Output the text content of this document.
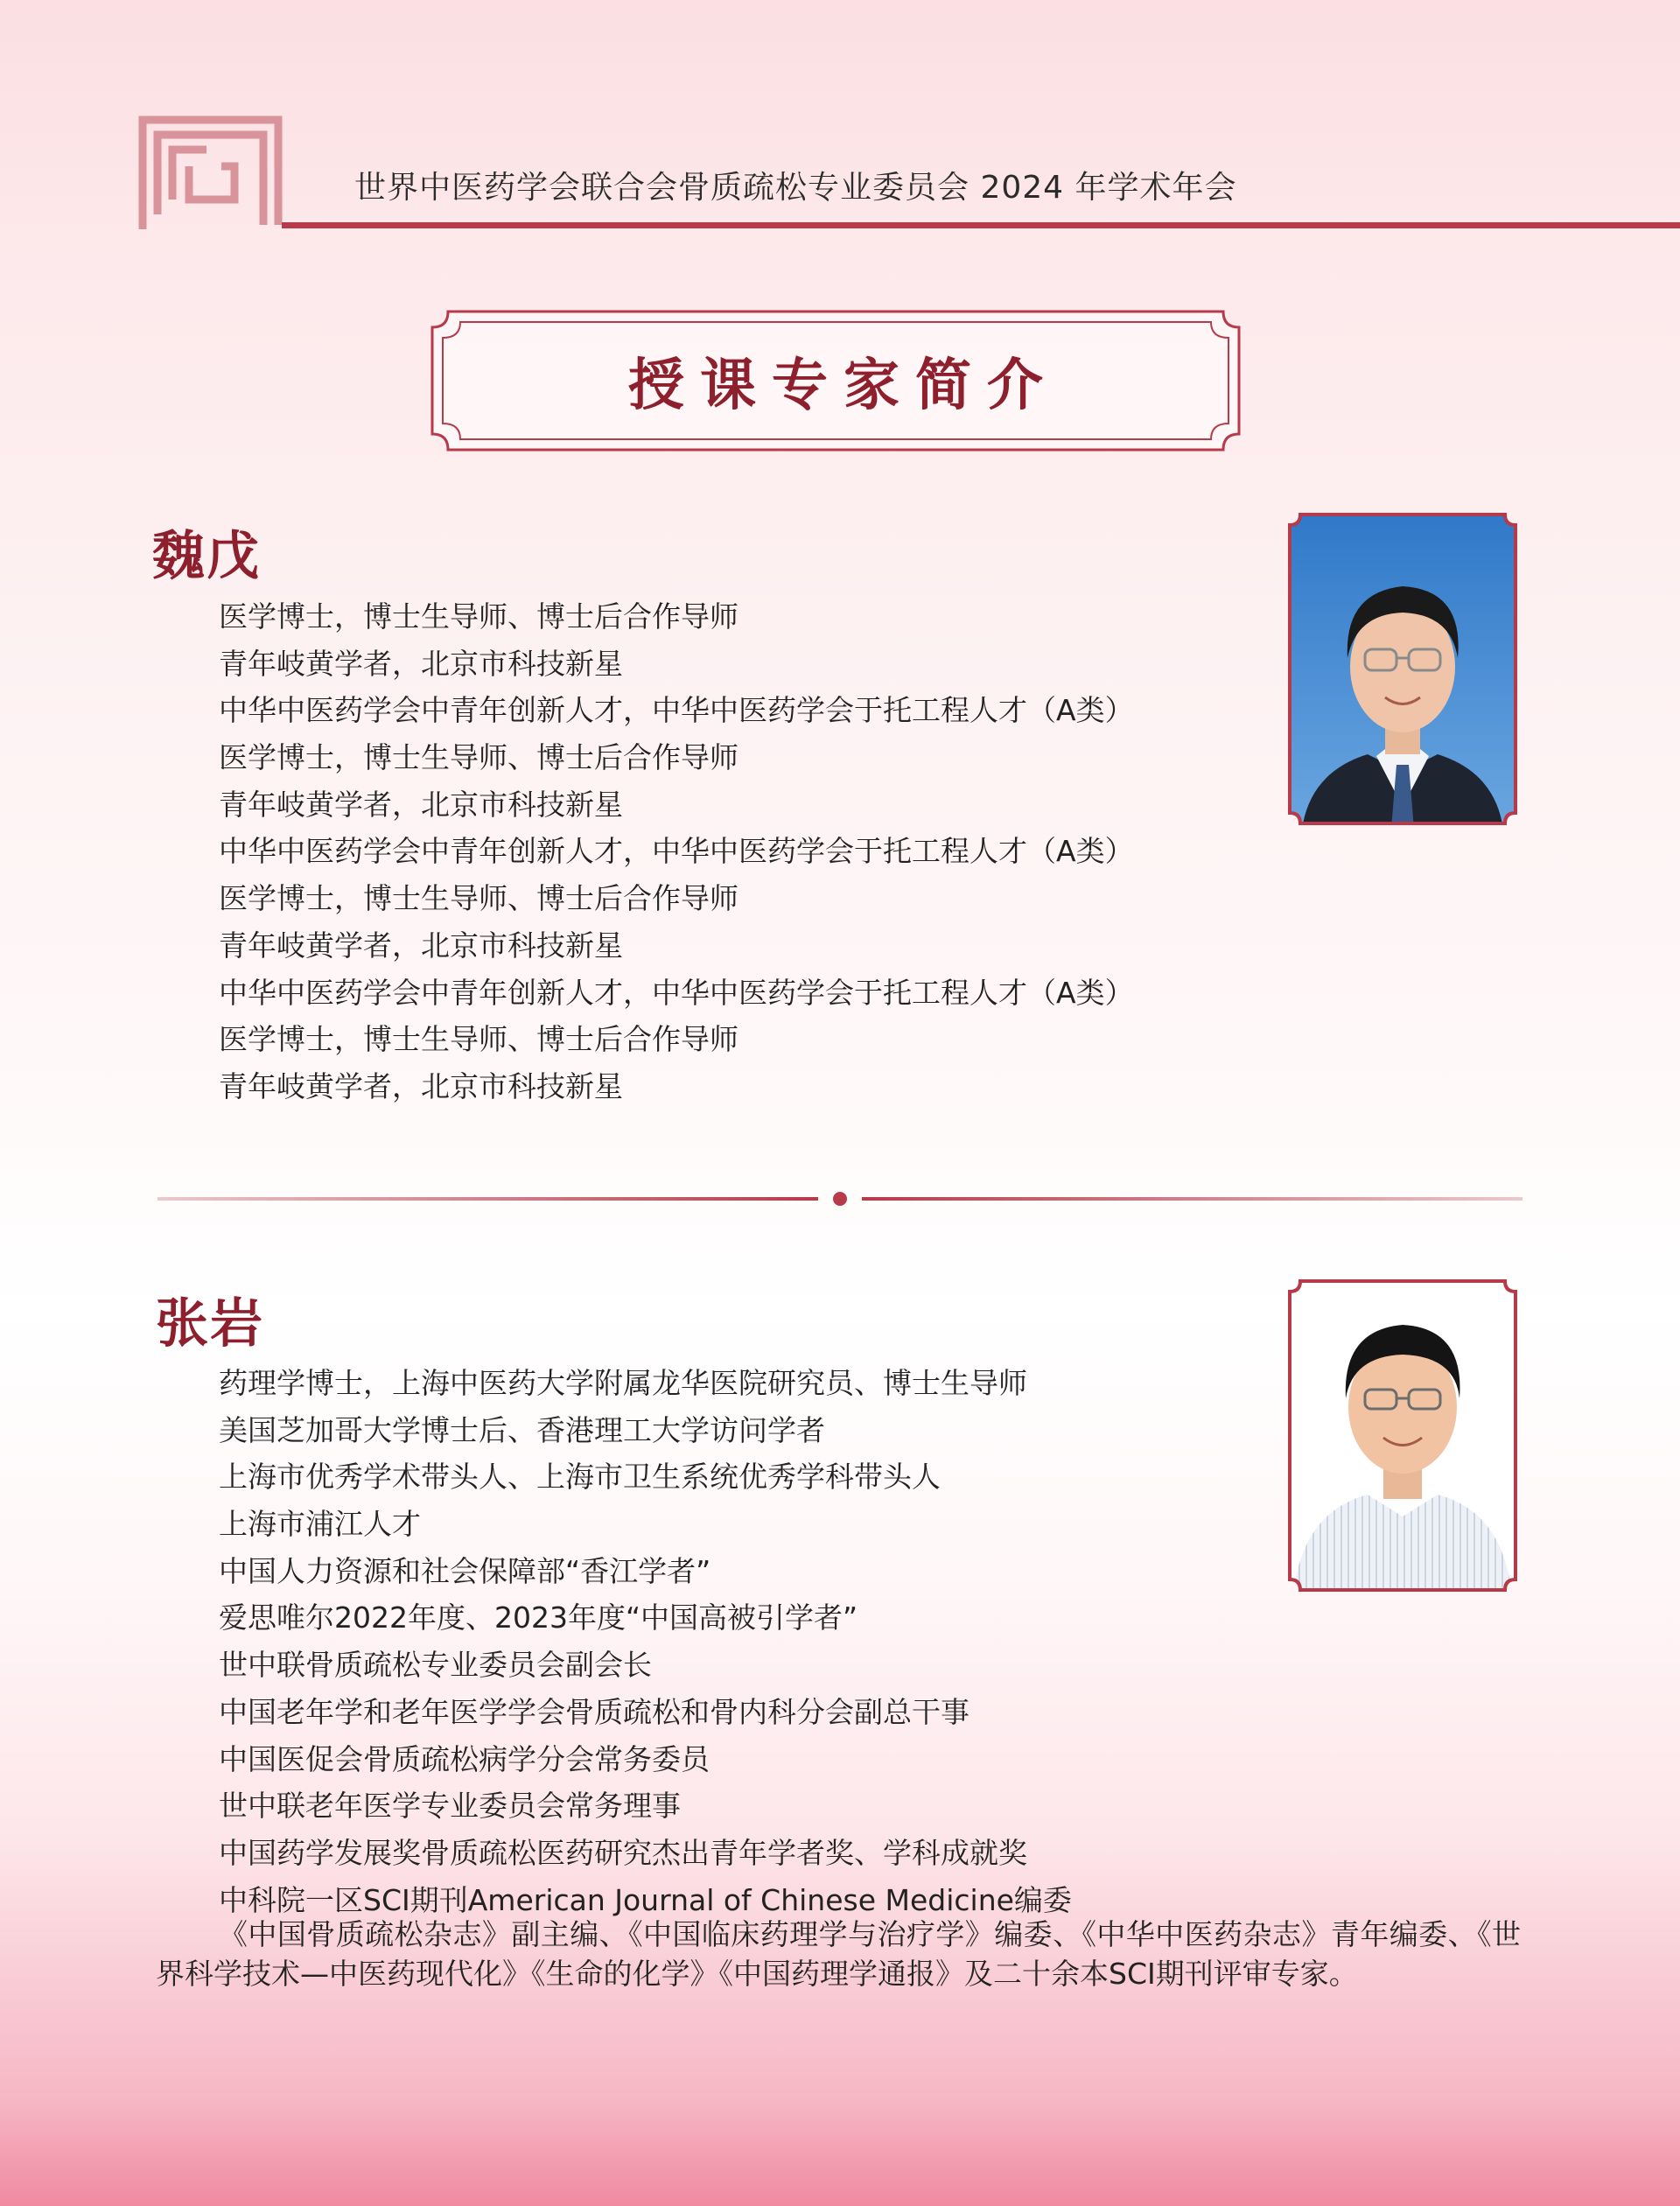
世界中医药学会联合会骨质疏松专业委员会 2024 年学术年会
授课专家简介
魏戊
医学博士，博士生导师、博士后合作导师
青年岐黄学者，北京市科技新星
中华中医药学会中青年创新人才，中华中医药学会于托工程人才（A类）
医学博士，博士生导师、博士后合作导师
青年岐黄学者，北京市科技新星
中华中医药学会中青年创新人才，中华中医药学会于托工程人才（A类）
医学博士，博士生导师、博士后合作导师
青年岐黄学者，北京市科技新星
中华中医药学会中青年创新人才，中华中医药学会于托工程人才（A类）
医学博士，博士生导师、博士后合作导师
青年岐黄学者，北京市科技新星
张岩
药理学博士，上海中医药大学附属龙华医院研究员、博士生导师
美国芝加哥大学博士后、香港理工大学访问学者
上海市优秀学术带头人、上海市卫生系统优秀学科带头人
上海市浦江人才
中国人力资源和社会保障部“香江学者”
爱思唯尔2022年度、2023年度“中国高被引学者”
世中联骨质疏松专业委员会副会长
中国老年学和老年医学学会骨质疏松和骨内科分会副总干事
中国医促会骨质疏松病学分会常务委员
世中联老年医学专业委员会常务理事
中国药学发展奖骨质疏松医药研究杰出青年学者奖、学科成就奖
中科院一区SCI期刊American Journal of Chinese Medicine编委

《中国骨质疏松杂志》副主编、《中国临床药理学与治疗学》编委、《中华中医药杂志》青年编委、《世界科学技术—中医药现代化》《生命的化学》《中国药理学通报》及二十余本SCI期刊评审专家。
